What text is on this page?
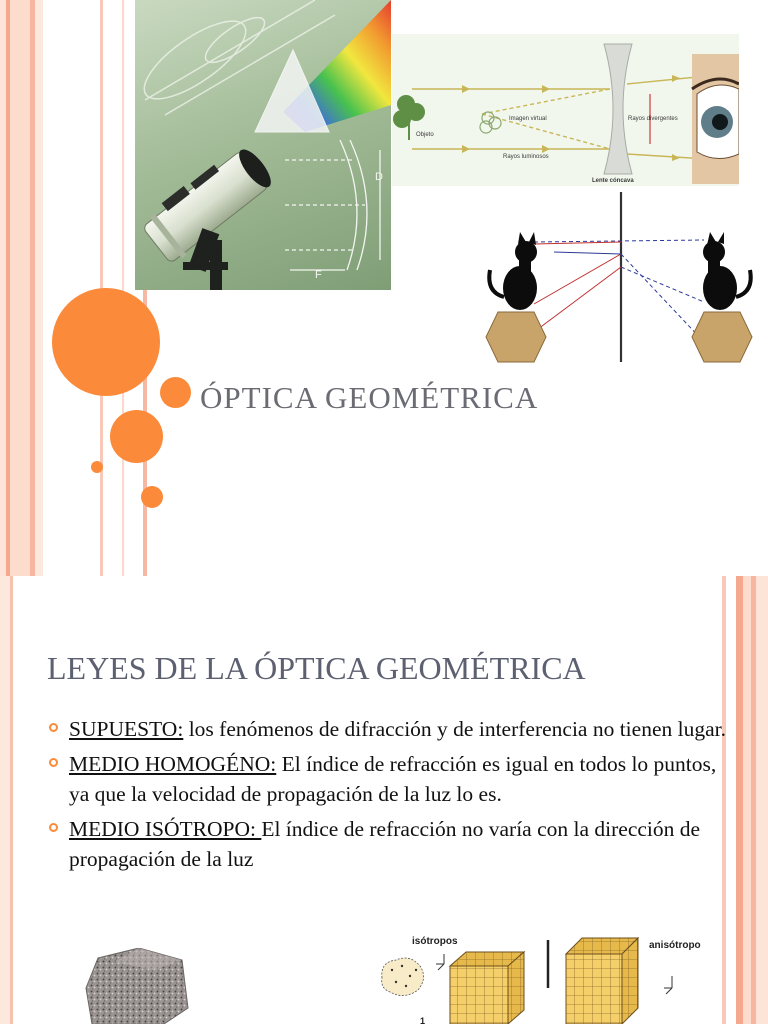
D
F
Objeto
Imagen virtual	Rayos divergentes
Rayos luminosos
Lente cóncava
ÓPTICA GEOMÉTRICA
LEYES DE LA ÓPTICA GEOMÉTRICA
SUPUESTO: los fenómenos de difracción y de interferencia no tienen lugar.
MEDIO HOMOGÉNO: El índice de refracción es igual en todos lo puntos, ya que la velocidad de propagación de la luz lo es.
MEDIO ISÓTROPO: El índice de refracción no varía con la dirección de propagación de la luz
isótropos	anisótropo
1
